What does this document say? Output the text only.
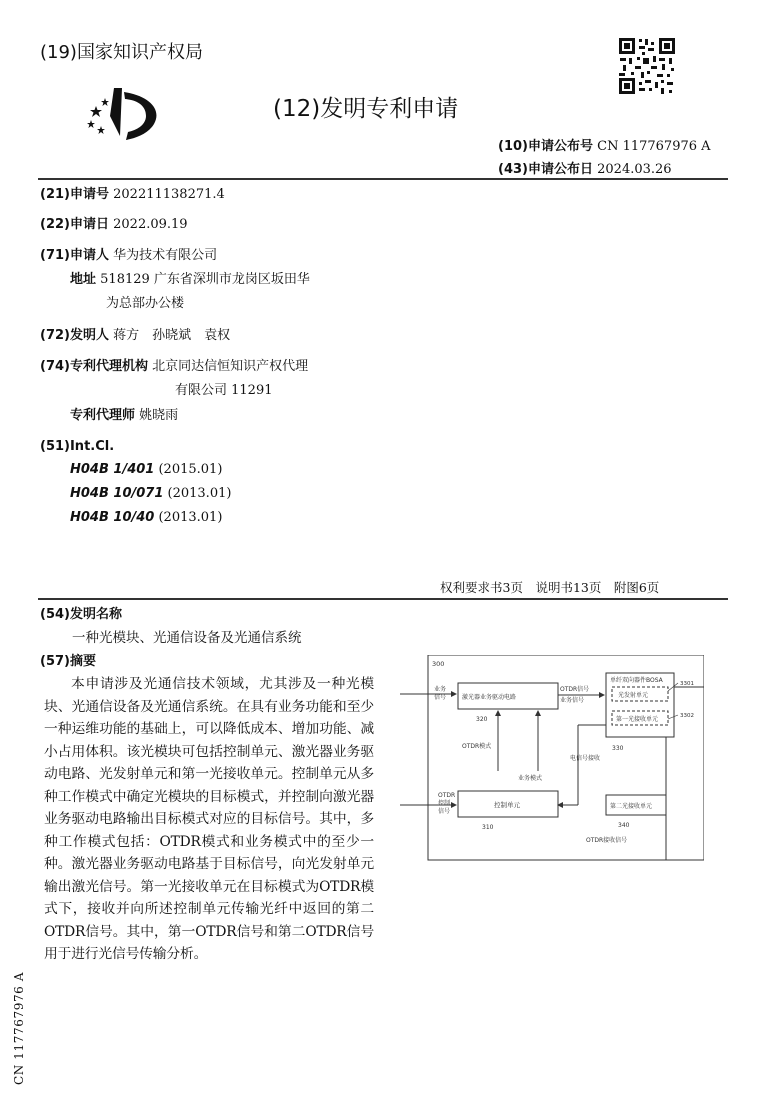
(19)国家知识产权局
(12)发明专利申请
(10)申请公布号 CN 117767976 A
(43)申请公布日 2024.03.26
(21)申请号 202211138271.4
(22)申请日 2022.09.19
(71)申请人 华为技术有限公司
地址 518129 广东省深圳市龙岗区坂田华
为总部办公楼
(72)发明人 蒋方　孙晓斌　袁权
(74)专利代理机构 北京同达信恒知识产权代理
有限公司 11291
专利代理师 姚晓雨
(51)Int.Cl.
H04B 1/401 (2015.01)
H04B 10/071 (2013.01)
H04B 10/40 (2013.01)
权利要求书3页　说明书13页　附图6页
(54)发明名称
一种光模块、光通信设备及光通信系统
(57)摘要
本申请涉及光通信技术领域，尤其涉及一种光模块、光通信设备及光通信系统。在具有业务功能和至少一种运维功能的基础上，可以降低成本、增加功能、减小占用体积。该光模块可包括控制单元、激光器业务驱动电路、光发射单元和第一光接收单元。控制单元从多种工作模式中确定光模块的目标模式，并控制向激光器业务驱动电路输出目标模式对应的目标信号。其中，多种工作模式包括：OTDR模式和业务模式中的至少一种。激光器业务驱动电路基于目标信号，向光发射单元输出激光信号。第一光接收单元在目标模式为OTDR模式下，接收并向所述控制单元传输光纤中返回的第二OTDR信号。其中，第一OTDR信号和第二OTDR信号用于进行光信号传输分析。
300
业务
信号	激光器业务驱动电路
320
OTDR信号
业务信号
单纤双向器件BOSA
光发射单元
第一光接收单元
3301
3302
330
OTDR模式
业务模式
电信号接收
OTDR
控制
信号
控制单元
310
第二光接收单元
340
OTDR接收信号
CN 117767976 A
